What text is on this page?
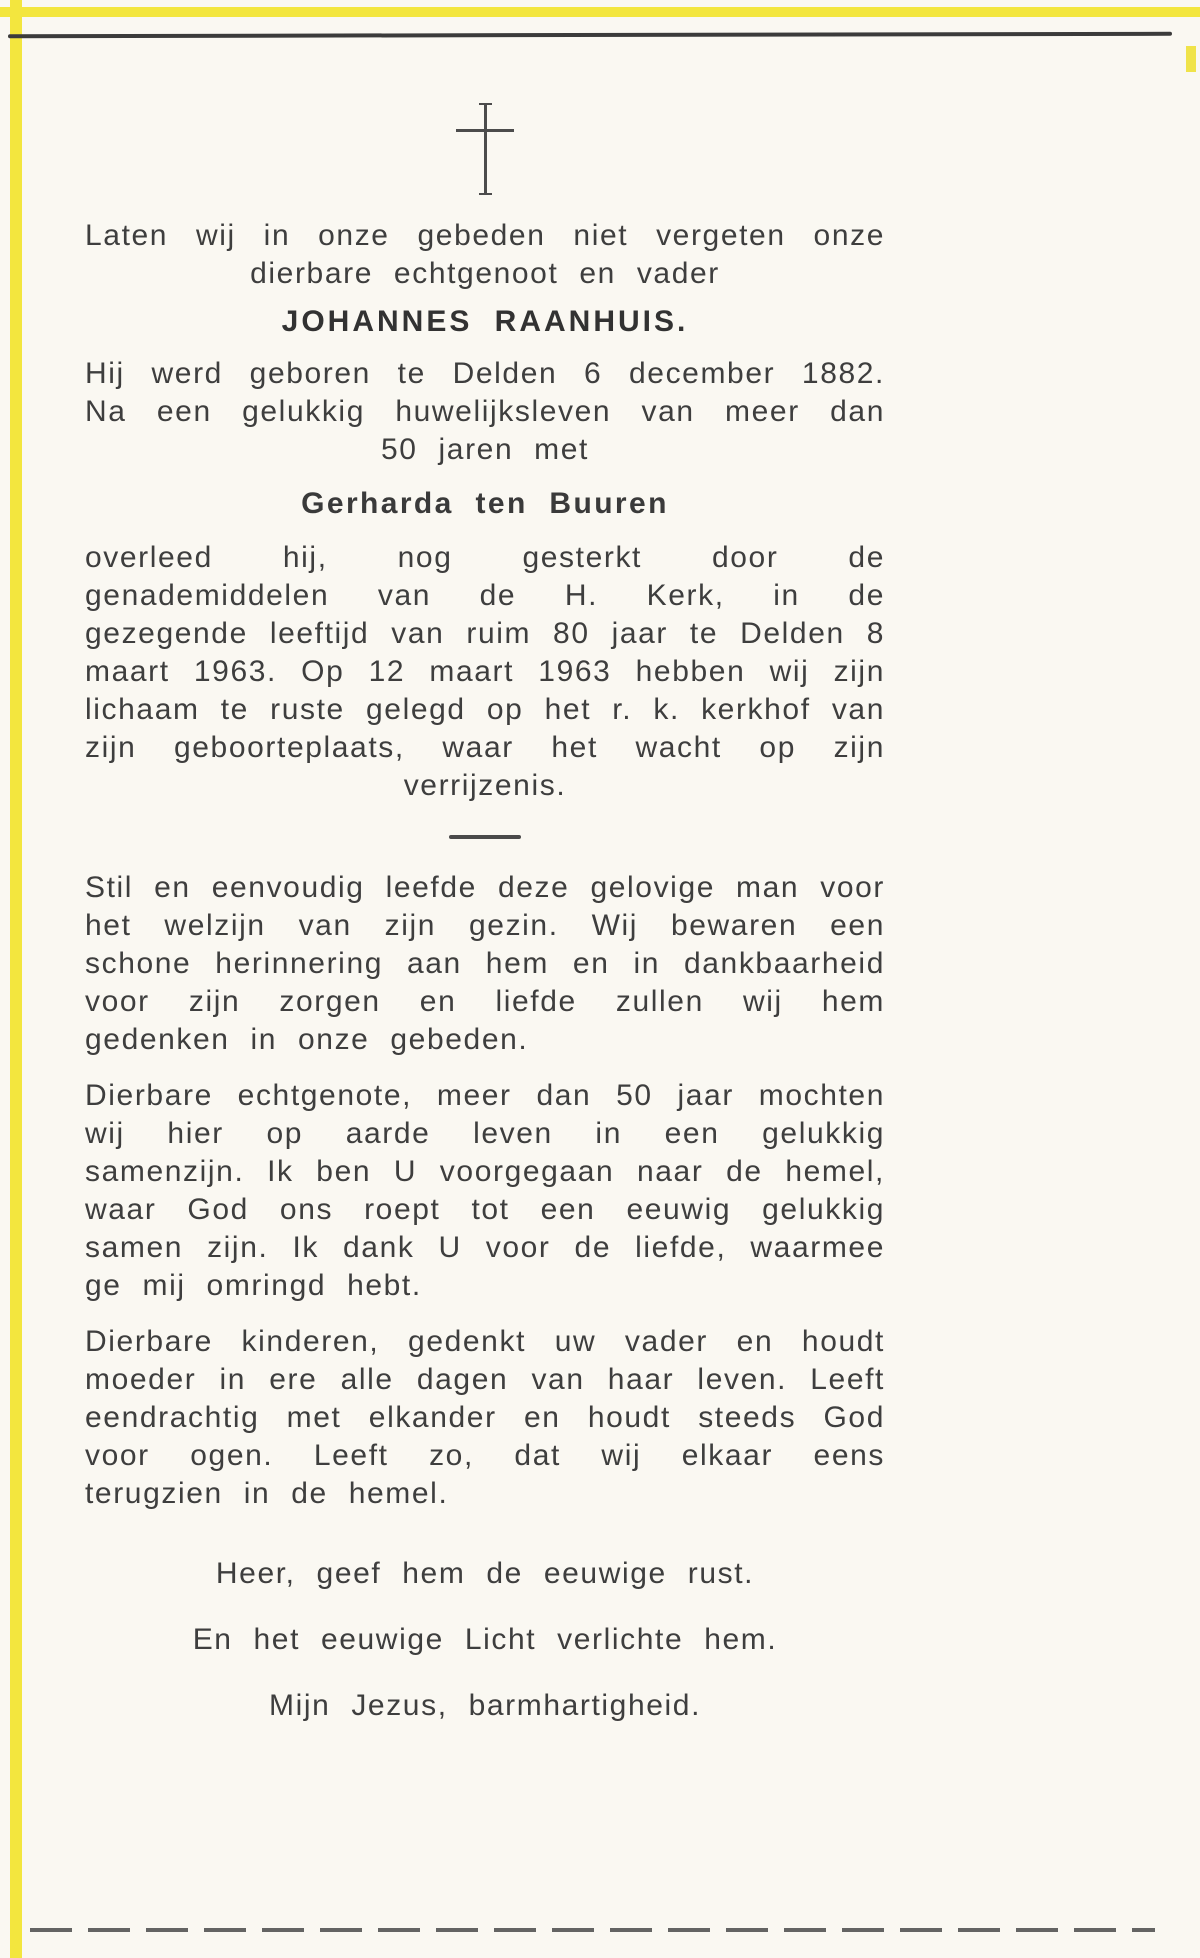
Laten wij in onze gebeden niet vergeten onze dierbare echtgenoot en vader

JOHANNES RAANHUIS.

Hij werd geboren te Delden 6 december 1882. Na een gelukkig huwelijksleven van meer dan 50 jaren met

Gerharda ten Buuren

overleed hij, nog gesterkt door de genademiddelen van de H. Kerk, in de gezegende leeftijd van ruim 80 jaar te Delden 8 maart 1963. Op 12 maart 1963 hebben wij zijn lichaam te ruste gelegd op het r. k. kerkhof van zijn geboorteplaats, waar het wacht op zijn verrijzenis.

Stil en eenvoudig leefde deze gelovige man voor het welzijn van zijn gezin. Wij bewaren een schone herinnering aan hem en in dankbaarheid voor zijn zorgen en liefde zullen wij hem gedenken in onze gebeden.

Dierbare echtgenote, meer dan 50 jaar mochten wij hier op aarde leven in een gelukkig samenzijn. Ik ben U voorgegaan naar de hemel, waar God ons roept tot een eeuwig gelukkig samen zijn. Ik dank U voor de liefde, waarmee ge mij omringd hebt.

Dierbare kinderen, gedenkt uw vader en houdt moeder in ere alle dagen van haar leven. Leeft eendrachtig met elkander en houdt steeds God voor ogen. Leeft zo, dat wij elkaar eens terugzien in de hemel.

Heer, geef hem de eeuwige rust.

En het eeuwige Licht verlichte hem.

Mijn Jezus, barmhartigheid.
